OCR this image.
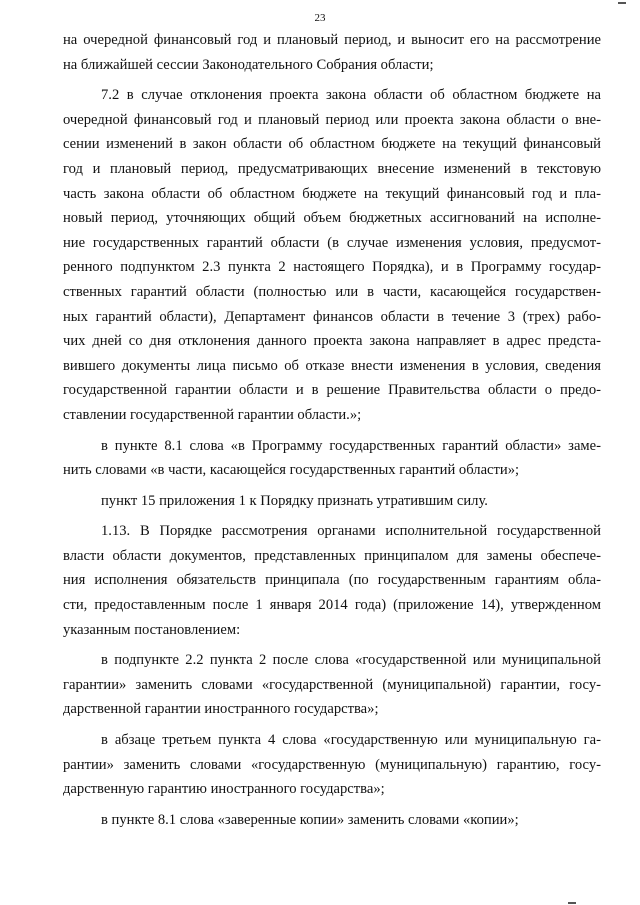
23
на очередной финансовый год и плановый период, и выносит его на рассмотрение
на ближайшей сессии Законодательного Собрания области;
7.2 в случае отклонения проекта закона области об областном бюджете на
очередной финансовый год и плановый период или проекта закона области о вне-
сении изменений в закон области об областном бюджете на текущий финансовый
год и плановый период, предусматривающих внесение изменений в текстовую
часть закона области об областном бюджете на текущий финансовый год и пла-
новый период, уточняющих общий объем бюджетных ассигнований на исполне-
ние государственных гарантий области (в случае изменения условия, предусмот-
ренного подпунктом 2.3 пункта 2 настоящего Порядка), и в Программу государ-
ственных гарантий области (полностью или в части, касающейся государствен-
ных гарантий области), Департамент финансов области в течение 3 (трех) рабо-
чих дней со дня отклонения данного проекта закона направляет в адрес предста-
вившего документы лица письмо об отказе внести изменения в условия, сведения
государственной гарантии области и в решение Правительства области о предо-
ставлении государственной гарантии области.»;
в пункте 8.1 слова «в Программу государственных гарантий области» заме-
нить словами «в части, касающейся государственных гарантий области»;
пункт 15 приложения 1 к Порядку признать утратившим силу.
1.13. В Порядке рассмотрения органами исполнительной государственной
власти области документов, представленных принципалом для замены обеспече-
ния исполнения обязательств принципала (по государственным гарантиям обла-
сти, предоставленным после 1 января 2014 года) (приложение 14), утвержденном
указанным постановлением:
в подпункте 2.2 пункта 2 после слова «государственной или муниципальной
гарантии» заменить словами «государственной (муниципальной) гарантии, госу-
дарственной гарантии иностранного государства»;
в абзаце третьем пункта 4 слова «государственную или муниципальную га-
рантии» заменить словами «государственную (муниципальную) гарантию, госу-
дарственную гарантию иностранного государства»;
в пункте 8.1 слова «заверенные копии» заменить словами «копии»;
